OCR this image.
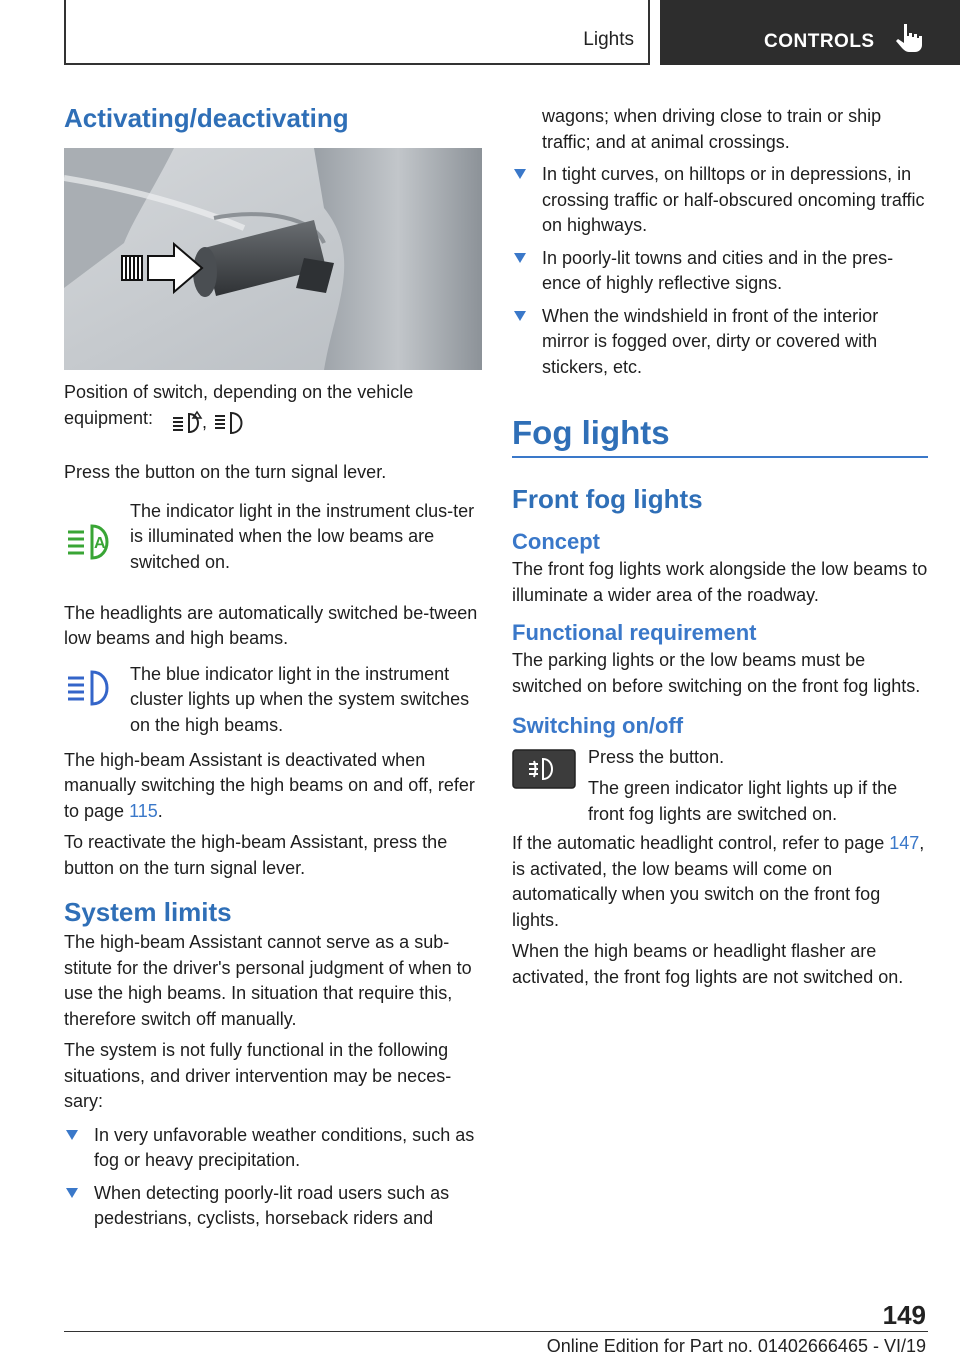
Lights	CONTROLS
Activating/deactivating

Position of switch, depending on the vehicle equipment:	,

Press the button on the turn signal lever.

A

The indicator light in the instrument clus-ter is illuminated when the low beams are switched on.

The headlights are automatically switched be-tween low beams and high beams.

The blue indicator light in the instrument cluster lights up when the system switches on the high beams.

The high-beam Assistant is deactivated when manually switching the high beams on and off, refer to page 115.

To reactivate the high-beam Assistant, press the button on the turn signal lever.

System limits

The high-beam Assistant cannot serve as a sub-stitute for the driver's personal judgment of when to use the high beams. In situation that require this, therefore switch off manually.

The system is not fully functional in the following situations, and driver intervention may be neces-sary:

In very unfavorable weather conditions, such as fog or heavy precipitation.
When detecting poorly-lit road users such as pedestrians, cyclists, horseback riders and
wagons; when driving close to train or ship traffic; and at animal crossings.
In tight curves, on hilltops or in depressions, in crossing traffic or half-obscured oncoming traffic on highways.
In poorly-lit towns and cities and in the pres-ence of highly reflective signs.
When the windshield in front of the interior mirror is fogged over, dirty or covered with stickers, etc.
Fog lights
Front fog lights
Concept

The front fog lights work alongside the low beams to illuminate a wider area of the roadway.

Functional requirement

The parking lights or the low beams must be switched on before switching on the front fog lights.

Switching on/off

Press the button.

The green indicator light lights up if the front fog lights are switched on.

If the automatic headlight control, refer to page 147, is activated, the low beams will come on automatically when you switch on the front fog lights.

When the high beams or headlight flasher are activated, the front fog lights are not switched on.

149
Online Edition for Part no. 01402666465 - VI/19
